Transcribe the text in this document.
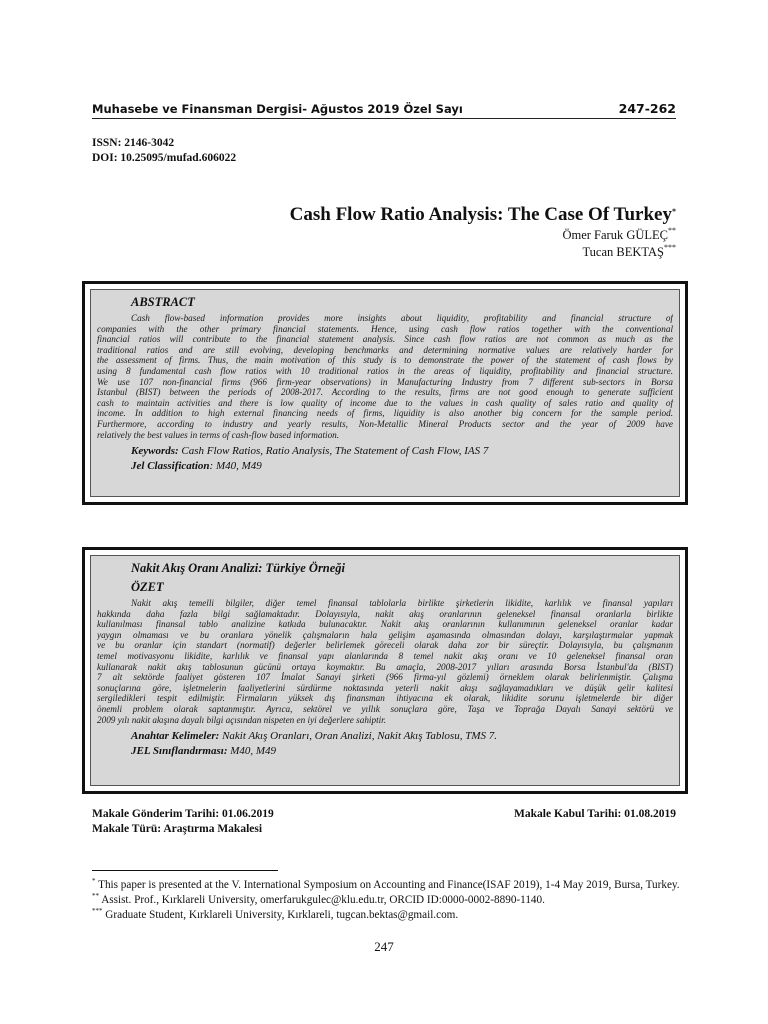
Muhasebe ve Finansman Dergisi- Ağustos 2019 Özel Sayı	247-262
ISSN: 2146-3042
DOI: 10.25095/mufad.606022
Cash Flow Ratio Analysis: The Case Of Turkey*
Ömer Faruk GÜLEÇ**
Tucan BEKTAŞ***
ABSTRACT
Cash flow-based information provides more insights about liquidity, profitability and financial structure of
companies with the other primary financial statements. Hence, using cash flow ratios together with the conventional
financial ratios will contribute to the financial statement analysis. Since cash flow ratios are not common as much as the
traditional ratios and are still evolving, developing benchmarks and determining normative values are relatively harder for
the assessment of firms. Thus, the main motivation of this study is to demonstrate the power of the statement of cash flows by
using 8 fundamental cash flow ratios with 10 traditional ratios in the areas of liquidity, profitability and financial structure.
We use 107 non-financial firms (966 firm-year observations) in Manufacturing Industry from 7 different sub-sectors in Borsa
Istanbul (BIST) between the periods of 2008-2017. According to the results, firms are not good enough to generate sufficient
cash to maintain activities and there is low quality of income due to the values in cash quality of sales ratio and quality of
income. In addition to high external financing needs of firms, liquidity is also another big concern for the sample period.
Furthermore, according to industry and yearly results, Non-Metallic Mineral Products sector and the year of 2009 have
relatively the best values in terms of cash-flow based information.
Keywords: Cash Flow Ratios, Ratio Analysis, The Statement of Cash Flow, IAS 7
Jel Classification: M40, M49
Nakit Akış Oranı Analizi: Türkiye Örneği
ÖZET
Nakit akış temelli bilgiler, diğer temel finansal tablolarla birlikte şirketlerin likidite, karlılık ve finansal yapıları
hakkında daha fazla bilgi sağlamaktadır. Dolayısıyla, nakit akış oranlarının geleneksel finansal oranlarla birlikte
kullanılması finansal tablo analizine katkıda bulunacaktır. Nakit akış oranlarının kullanımının geleneksel oranlar kadar
yaygın olmaması ve bu oranlara yönelik çalışmaların hala gelişim aşamasında olmasından dolayı, karşılaştırmalar yapmak
ve bu oranlar için standart (normatif) değerler belirlemek göreceli olarak daha zor bir süreçtir. Dolayısıyla, bu çalışmanın
temel motivasyonu likidite, karlılık ve finansal yapı alanlarında 8 temel nakit akış oranı ve 10 geleneksel finansal oran
kullanarak nakit akış tablosunun gücünü ortaya koymaktır. Bu amaçla, 2008-2017 yılları arasında Borsa İstanbul'da (BIST)
7 alt sektörde faaliyet gösteren 107 İmalat Sanayi şirketi (966 firma-yıl gözlemi) örneklem olarak belirlenmiştir. Çalışma
sonuçlarına göre, işletmelerin faaliyetlerini sürdürme noktasında yeterli nakit akışı sağlayamadıkları ve düşük gelir kalitesi
sergiledikleri tespit edilmiştir. Firmaların yüksek dış finansman ihtiyacına ek olarak, likidite sorunu işletmelerde bir diğer
önemli problem olarak saptanmıştır. Ayrıca, sektörel ve yıllık sonuçlara göre, Taşa ve Toprağa Dayalı Sanayi sektörü ve
2009 yılı nakit akışına dayalı bilgi açısından nispeten en iyi değerlere sahiptir.
Anahtar Kelimeler: Nakit Akış Oranları, Oran Analizi, Nakit Akış Tablosu, TMS 7.
JEL Sınıflandırması: M40, M49
Makale Gönderim Tarihi: 01.06.2019
Makale Türü: Araştırma Makalesi
Makale Kabul Tarihi: 01.08.2019
* This paper is presented at the V. International Symposium on Accounting and Finance(ISAF 2019), 1-4 May 2019, Bursa, Turkey.
** Assist. Prof., Kırklareli University, omerfarukgulec@klu.edu.tr, ORCID ID:0000-0002-8890-1140.
*** Graduate Student, Kırklareli University, Kırklareli, tugcan.bektas@gmail.com.
247
